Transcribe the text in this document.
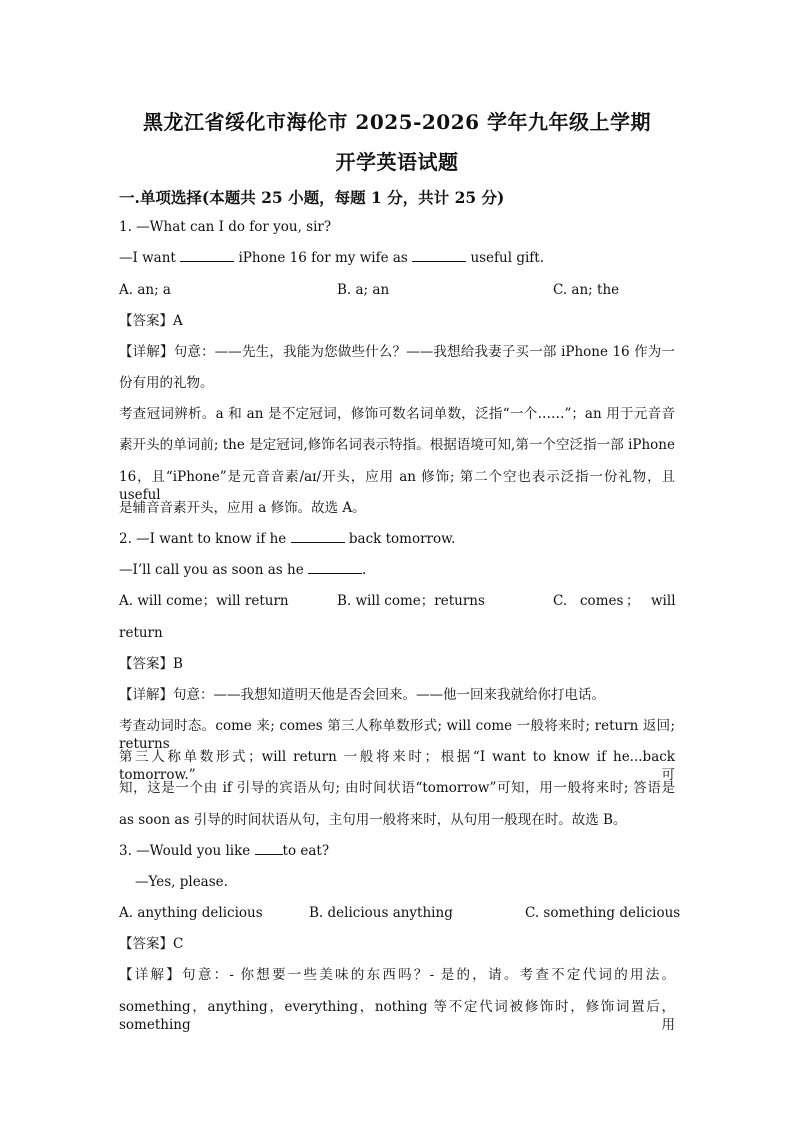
黑龙江省绥化市海伦市 2025-2026 学年九年级上学期
开学英语试题
一.单项选择(本题共 25 小题，每题 1 分，共计 25 分)
1. —What can I do for you, sir?
—I want	iPhone 16 for my wife as	useful gift.
A. an; a	B. a; an	C. an; the
【答案】A
【详解】句意：——先生，我能为您做些什么？——我想给我妻子买一部 iPhone 16 作为一
份有用的礼物。
考查冠词辨析。a 和 an 是不定冠词，修饰可数名词单数，泛指“一个……”；an 用于元音音
素开头的单词前; the 是定冠词,修饰名词表示特指。根据语境可知,第一个空泛指一部 iPhone
16，且“iPhone”是元音音素/aɪ/开头，应用 an 修饰; 第二个空也表示泛指一份礼物，且 useful
是辅音音素开头，应用 a 修饰。故选 A。
2. —I want to know if he	back tomorrow.
—I’ll call you as soon as he	.
A. will come；will return	B. will come；returns	C. comes ； will
return
【答案】B
【详解】句意：——我想知道明天他是否会回来。——他一回来我就给你打电话。
考查动词时态。come 来; comes 第三人称单数形式; will come 一般将来时; return 返回; returns
第三人称单数形式；will return 一般将来时；根据“I want to know if he...back tomorrow.”可
知，这是一个由 if 引导的宾语从句; 由时间状语“tomorrow”可知，用一般将来时; 答语是
as soon as 引导的时间状语从句，主句用一般将来时，从句用一般现在时。故选 B。
3. —Would you like to eat?
—Yes, please.
A. anything delicious	B. delicious anything	C. something delicious
【答案】C
【详解】句意：- 你想要一些美味的东西吗？- 是的，请。考查不定代词的用法。
something，anything，everything，nothing 等不定代词被修饰时，修饰词置后，something 用
